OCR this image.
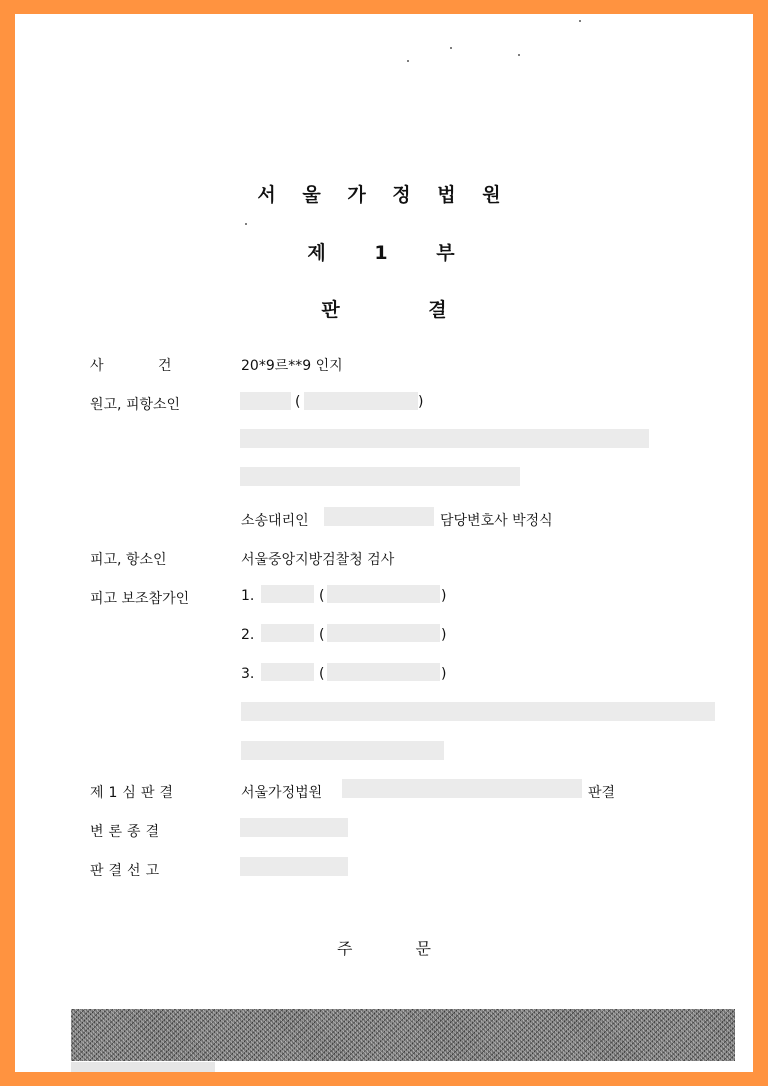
서 울 가 정 법 원
제 1 부
판 결
사 건	20*9르**9 인지
원고, 피항소인	(	)
소송대리인	담당변호사 박정식
피고, 항소인	서울중앙지방검찰청 검사
피고 보조참가인	1.	(	)
2.	(	)
3.	(	)
제1심판결	서울가정법원	판결
변론종결
판결선고
주 문
